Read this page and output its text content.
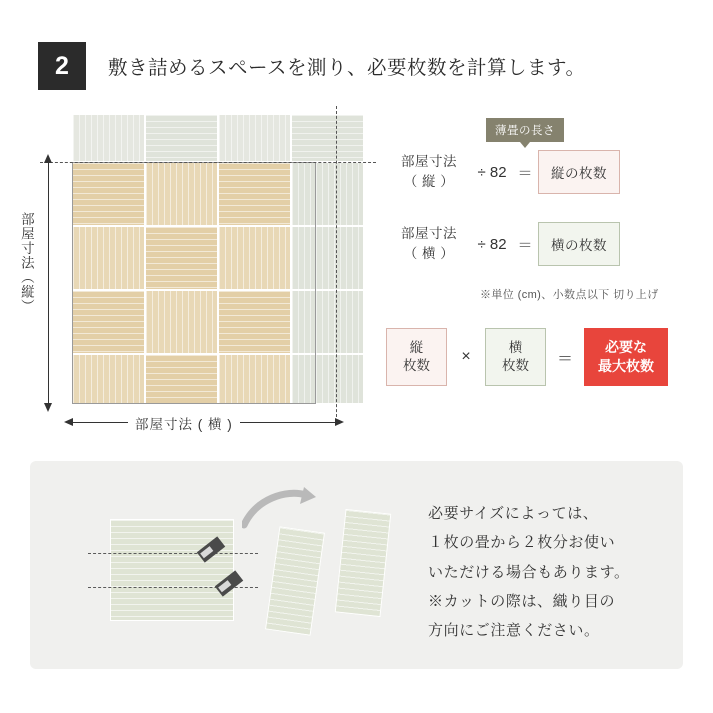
2	敷き詰めるスペースを測り、必要枚数を計算します。
部屋寸法（縦）
部屋寸法 ( 横 )
薄畳の長さ
部屋寸法
（ 縦 ）
÷ 82 ＝	縦の枚数
部屋寸法
（ 横 ）
÷ 82 ＝	横の枚数
※単位 (cm)、小数点以下 切り上げ
縦
枚数
×
横
枚数	＝
必要な
最大枚数
必要サイズによっては、
１枚の畳から２枚分お使い
いただける場合もあります。
※カットの際は、織り目の
方向にご注意ください。
